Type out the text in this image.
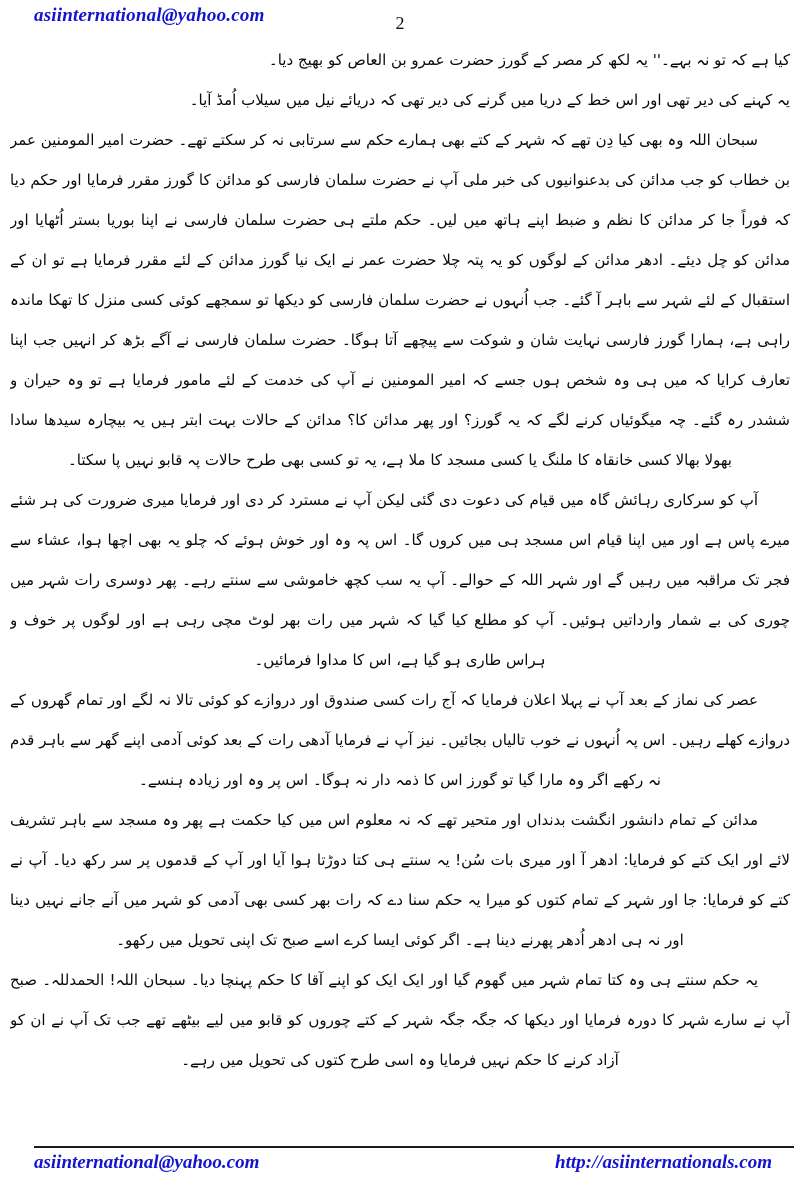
asiinternational@yahoo.com	2

کیا ہے کہ تو نہ بہے۔'' یہ لکھ کر مصر کے گورز حضرت عمرو بن العاص کو بھیج دیا۔

یہ کہنے کی دیر تھی اور اس خط کے دریا میں گرنے کی دیر تھی کہ دریائے نیل میں سیلاب اُمڈ آیا۔

سبحان اللہ وہ بھی کیا دِن تھے کہ شہر کے کتے بھی ہمارے حکم سے سرتابی نہ کر سکتے تھے۔ حضرت امیر المومنین عمر بن خطاب کو جب مدائن کی بدعنوانیوں کی خبر ملی آپ نے حضرت سلمان فارسی کو مدائن کا گورز مقرر فرمایا اور حکم دیا کہ فوراً جا کر مدائن کا نظم و ضبط اپنے ہاتھ میں لیں۔ حکم ملتے ہی حضرت سلمان فارسی نے اپنا بوریا بستر اُٹھایا اور مدائن کو چل دیئے۔ ادھر مدائن کے لوگوں کو یہ پتہ چلا حضرت عمر نے ایک نیا گورز مدائن کے لئے مقرر فرمایا ہے تو ان کے استقبال کے لئے شہر سے باہر آ گئے۔ جب اُنہوں نے حضرت سلمان فارسی کو دیکھا تو سمجھے کوئی کسی منزل کا تھکا ماندہ راہی ہے، ہمارا گورز فارسی نہایت شان و شوکت سے پیچھے آتا ہوگا۔ حضرت سلمان فارسی نے آگے بڑھ کر انہیں جب اپنا تعارف کرایا کہ میں ہی وہ شخص ہوں جسے کہ امیر المومنین نے آپ کی خدمت کے لئے مامور فرمایا ہے تو وہ حیران و ششدر رہ گئے۔ چہ میگوئیاں کرنے لگے کہ یہ گورز؟ اور پھر مدائن کا؟ مدائن کے حالات بہت ابتر ہیں یہ بیچارہ سیدھا سادا بھولا بھالا کسی خانقاہ کا ملنگ یا کسی مسجد کا ملا ہے، یہ تو کسی بھی طرح حالات پہ قابو نہیں پا سکتا۔

آپ کو سرکاری رہائش گاہ میں قیام کی دعوت دی گئی لیکن آپ نے مسترد کر دی اور فرمایا میری ضرورت کی ہر شئے میرے پاس ہے اور میں اپنا قیام اس مسجد ہی میں کروں گا۔ اس پہ وہ اور خوش ہوئے کہ چلو یہ بھی اچھا ہوا، عشاء سے فجر تک مراقبہ میں رہیں گے اور شہر اللہ کے حوالے۔ آپ یہ سب کچھ خاموشی سے سنتے رہے۔ پھر دوسری رات شہر میں چوری کی بے شمار وارداتیں ہوئیں۔ آپ کو مطلع کیا گیا کہ شہر میں رات بھر لوٹ مچی رہی ہے اور لوگوں پر خوف و ہراس طاری ہو گیا ہے، اس کا مداوا فرمائیں۔

عصر کی نماز کے بعد آپ نے پہلا اعلان فرمایا کہ آج رات کسی صندوق اور دروازے کو کوئی تالا نہ لگے اور تمام گھروں کے دروازے کھلے رہیں۔ اس پہ اُنہوں نے خوب تالیاں بجائیں۔ نیز آپ نے فرمایا آدھی رات کے بعد کوئی آدمی اپنے گھر سے باہر قدم نہ رکھے اگر وہ مارا گیا تو گورز اس کا ذمہ دار نہ ہوگا۔ اس پر وہ اور زیادہ ہنسے۔

مدائن کے تمام دانشور انگشت بدنداں اور متحیر تھے کہ نہ معلوم اس میں کیا حکمت ہے پھر وہ مسجد سے باہر تشریف لائے اور ایک کتے کو فرمایا: ادھر آ اور میری بات سُن! یہ سنتے ہی کتا دوڑتا ہوا آیا اور آپ کے قدموں پر سر رکھ دیا۔ آپ نے کتے کو فرمایا: جا اور شہر کے تمام کتوں کو میرا یہ حکم سنا دے کہ رات بھر کسی بھی آدمی کو شہر میں آنے جانے نہیں دینا اور نہ ہی ادھر اُدھر پھرنے دینا ہے۔ اگر کوئی ایسا کرے اسے صبح تک اپنی تحویل میں رکھو۔

یہ حکم سنتے ہی وہ کتا تمام شہر میں گھوم گیا اور ایک ایک کو اپنے آقا کا حکم پہنچا دیا۔ سبحان اللہ! الحمدللہ۔ صبح آپ نے سارے شہر کا دورہ فرمایا اور دیکھا کہ جگہ جگہ شہر کے کتے چوروں کو قابو میں لیے بیٹھے تھے جب تک آپ نے ان کو آزاد کرنے کا حکم نہیں فرمایا وہ اسی طرح کتوں کی تحویل میں رہے۔

asiinternational@yahoo.com	http://asiinternationals.com
